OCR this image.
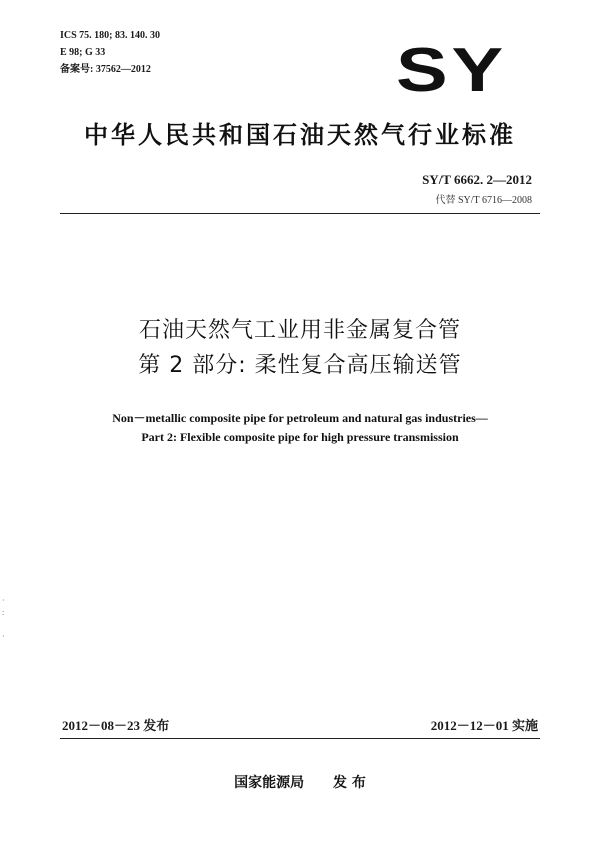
ICS 75. 180; 83. 140. 30
E 98; G 33
备案号: 37562—2012	SY
中华人民共和国石油天然气行业标准
SY/T 6662. 2—2012
代替 SY/T 6716—2008
石油天然气工业用非金属复合管
第 2 部分: 柔性复合高压输送管
Non－metallic composite pipe for petroleum and natural gas industries—
Part 2: Flexible composite pipe for high pressure transmission
·
:

·
2012－08－23 发布	2012－12－01 实施
国家能源局 发 布
